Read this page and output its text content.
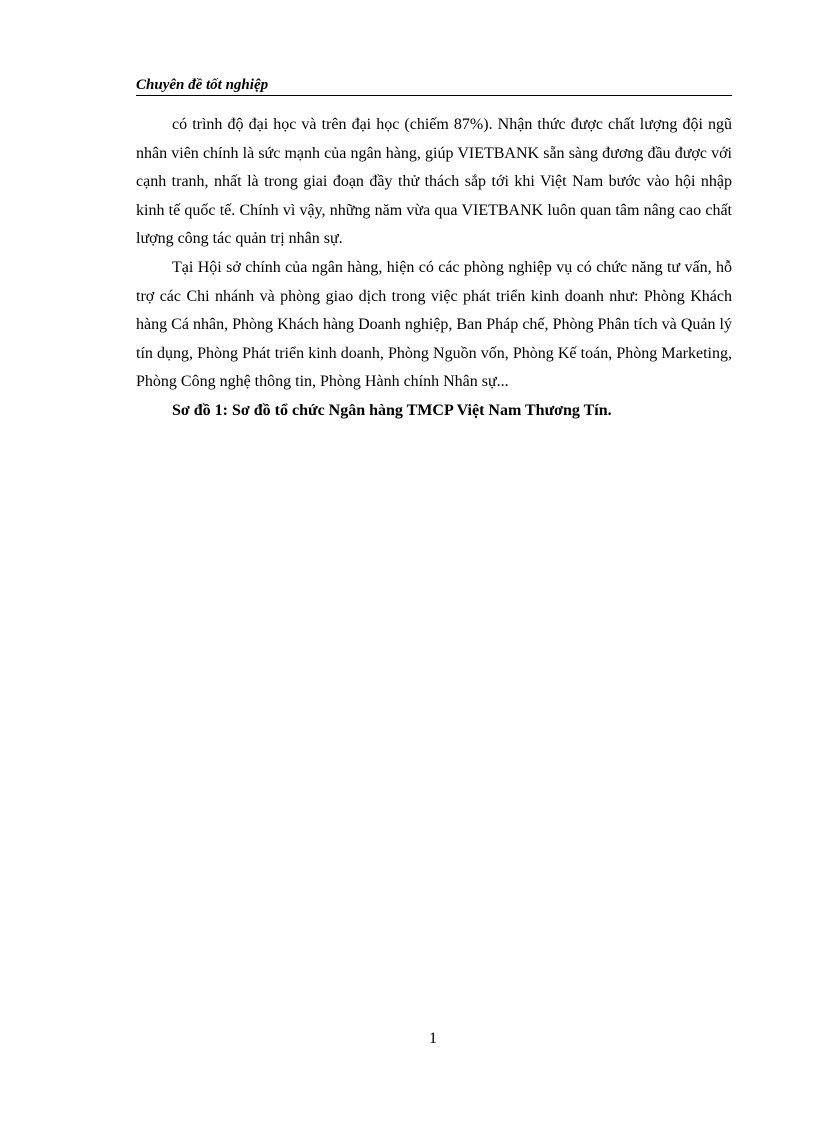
Chuyên đề tốt nghiệp

có trình độ đại học và trên đại học (chiếm 87%). Nhận thức được chất lượng đội ngũ nhân viên chính là sức mạnh của ngân hàng, giúp VIETBANK sẵn sàng đương đầu được với cạnh tranh, nhất là trong giai đoạn đầy thử thách sắp tới khi Việt Nam bước vào hội nhập kinh tế quốc tế. Chính vì vậy, những năm vừa qua VIETBANK luôn quan tâm nâng cao chất lượng công tác quản trị nhân sự.

Tại Hội sở chính của ngân hàng, hiện có các phòng nghiệp vụ có chức năng tư vấn, hỗ trợ các Chi nhánh và phòng giao dịch trong việc phát triển kinh doanh như: Phòng Khách hàng Cá nhân, Phòng Khách hàng Doanh nghiệp, Ban Pháp chế, Phòng Phân tích và Quản lý tín dụng, Phòng Phát triển kinh doanh, Phòng Nguồn vốn, Phòng Kế toán, Phòng Marketing, Phòng Công nghệ thông tin, Phòng Hành chính Nhân sự...

Sơ đồ 1: Sơ đồ tổ chức Ngân hàng TMCP Việt Nam Thương Tín.

1
